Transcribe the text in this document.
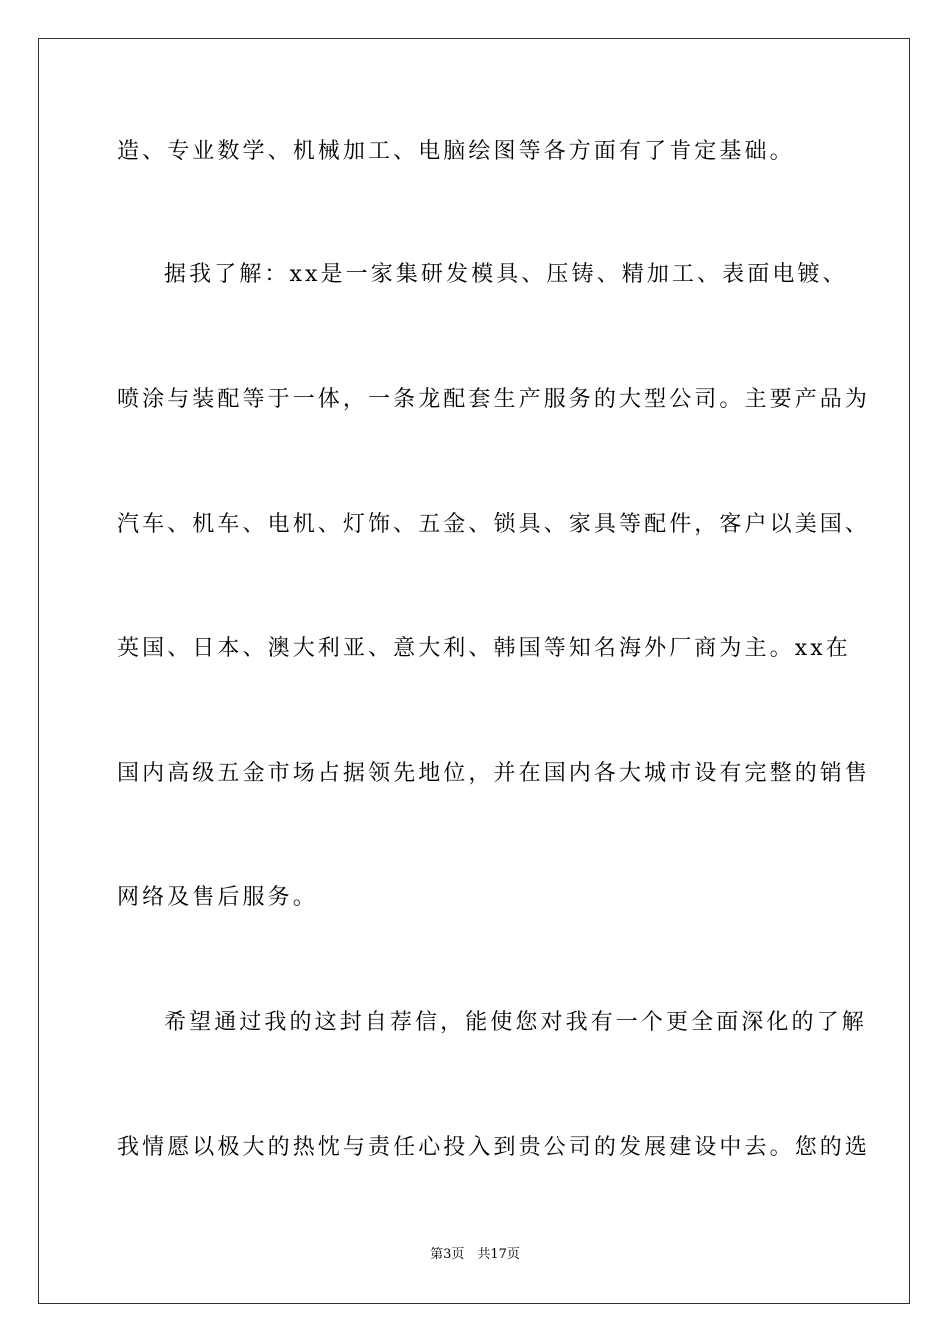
造、专业数学、机械加工、电脑绘图等各方面有了肯定基础。
据我了解：xx是一家集研发模具、压铸、精加工、表面电镀、
喷涂与装配等于一体，一条龙配套生产服务的大型公司。主要产品为
汽车、机车、电机、灯饰、五金、锁具、家具等配件，客户以美国、
英国、日本、澳大利亚、意大利、韩国等知名海外厂商为主。xx在
国内高级五金市场占据领先地位，并在国内各大城市设有完整的销售
网络及售后服务。
希望通过我的这封自荐信，能使您对我有一个更全面深化的了解
我情愿以极大的热忱与责任心投入到贵公司的发展建设中去。您的选
第3页　共17页
